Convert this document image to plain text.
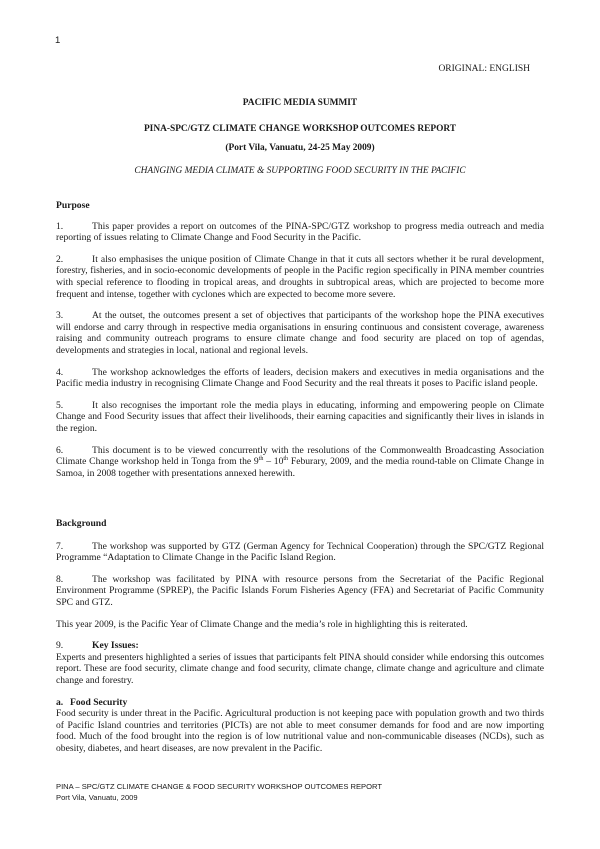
1
ORIGINAL: ENGLISH
PACIFIC MEDIA SUMMIT
PINA-SPC/GTZ CLIMATE CHANGE WORKSHOP OUTCOMES REPORT
(Port Vila, Vanuatu, 24-25 May 2009)
CHANGING MEDIA CLIMATE & SUPPORTING FOOD SECURITY IN THE PACIFIC
Purpose

1.	This paper provides a report on outcomes of the PINA-SPC/GTZ workshop to progress media outreach and media reporting of issues relating to Climate Change and Food Security in the Pacific.

2.	It also emphasises the unique position of Climate Change in that it cuts all sectors whether it be rural development, forestry, fisheries, and in socio-economic developments of people in the Pacific region specifically in PINA member countries with special reference to flooding in tropical areas, and droughts in subtropical areas, which are projected to become more frequent and intense, together with cyclones which are expected to become more severe.

3.	At the outset, the outcomes present a set of objectives that participants of the workshop hope the PINA executives will endorse and carry through in respective media organisations in ensuring continuous and consistent coverage, awareness raising and community outreach programs to ensure climate change and food security are placed on top of agendas, developments and strategies in local, national and regional levels.

4.	The workshop acknowledges the efforts of leaders, decision makers and executives in media organisations and the Pacific media industry in recognising Climate Change and Food Security and the real threats it poses to Pacific island people.

5.	It also recognises the important role the media plays in educating, informing and empowering people on Climate Change and Food Security issues that affect their livelihoods, their earning capacities and significantly their lives in islands in the region.

6.	This document is to be viewed concurrently with the resolutions of the Commonwealth Broadcasting Association Climate Change workshop held in Tonga from the 9th – 10th Feburary, 2009, and the media round-table on Climate Change in Samoa, in 2008 together with presentations annexed herewith.

Background

7.	The workshop was supported by GTZ (German Agency for Technical Cooperation) through the SPC/GTZ Regional Programme “Adaptation to Climate Change in the Pacific Island Region.

8.	The workshop was facilitated by PINA with resource persons from the Secretariat of the Pacific Regional Environment Programme (SPREP), the Pacific Islands Forum Fisheries Agency (FFA) and Secretariat of Pacific Community SPC and GTZ.

This year 2009, is the Pacific Year of Climate Change and the media’s role in highlighting this is reiterated.

9.	Key Issues:

Experts and presenters highlighted a series of issues that participants felt PINA should consider while endorsing this outcomes report. These are food security, climate change and food security, climate change, climate change and agriculture and climate change and forestry.

a. Food Security

Food security is under threat in the Pacific. Agricultural production is not keeping pace with population growth and two thirds of Pacific Island countries and territories (PICTs) are not able to meet consumer demands for food and are now importing food. Much of the food brought into the region is of low nutritional value and non-communicable diseases (NCDs), such as obesity, diabetes, and heart diseases, are now prevalent in the Pacific.

PINA – SPC/GTZ CLIMATE CHANGE & FOOD SECURITY WORKSHOP OUTCOMES REPORT
Port Vila, Vanuatu, 2009
